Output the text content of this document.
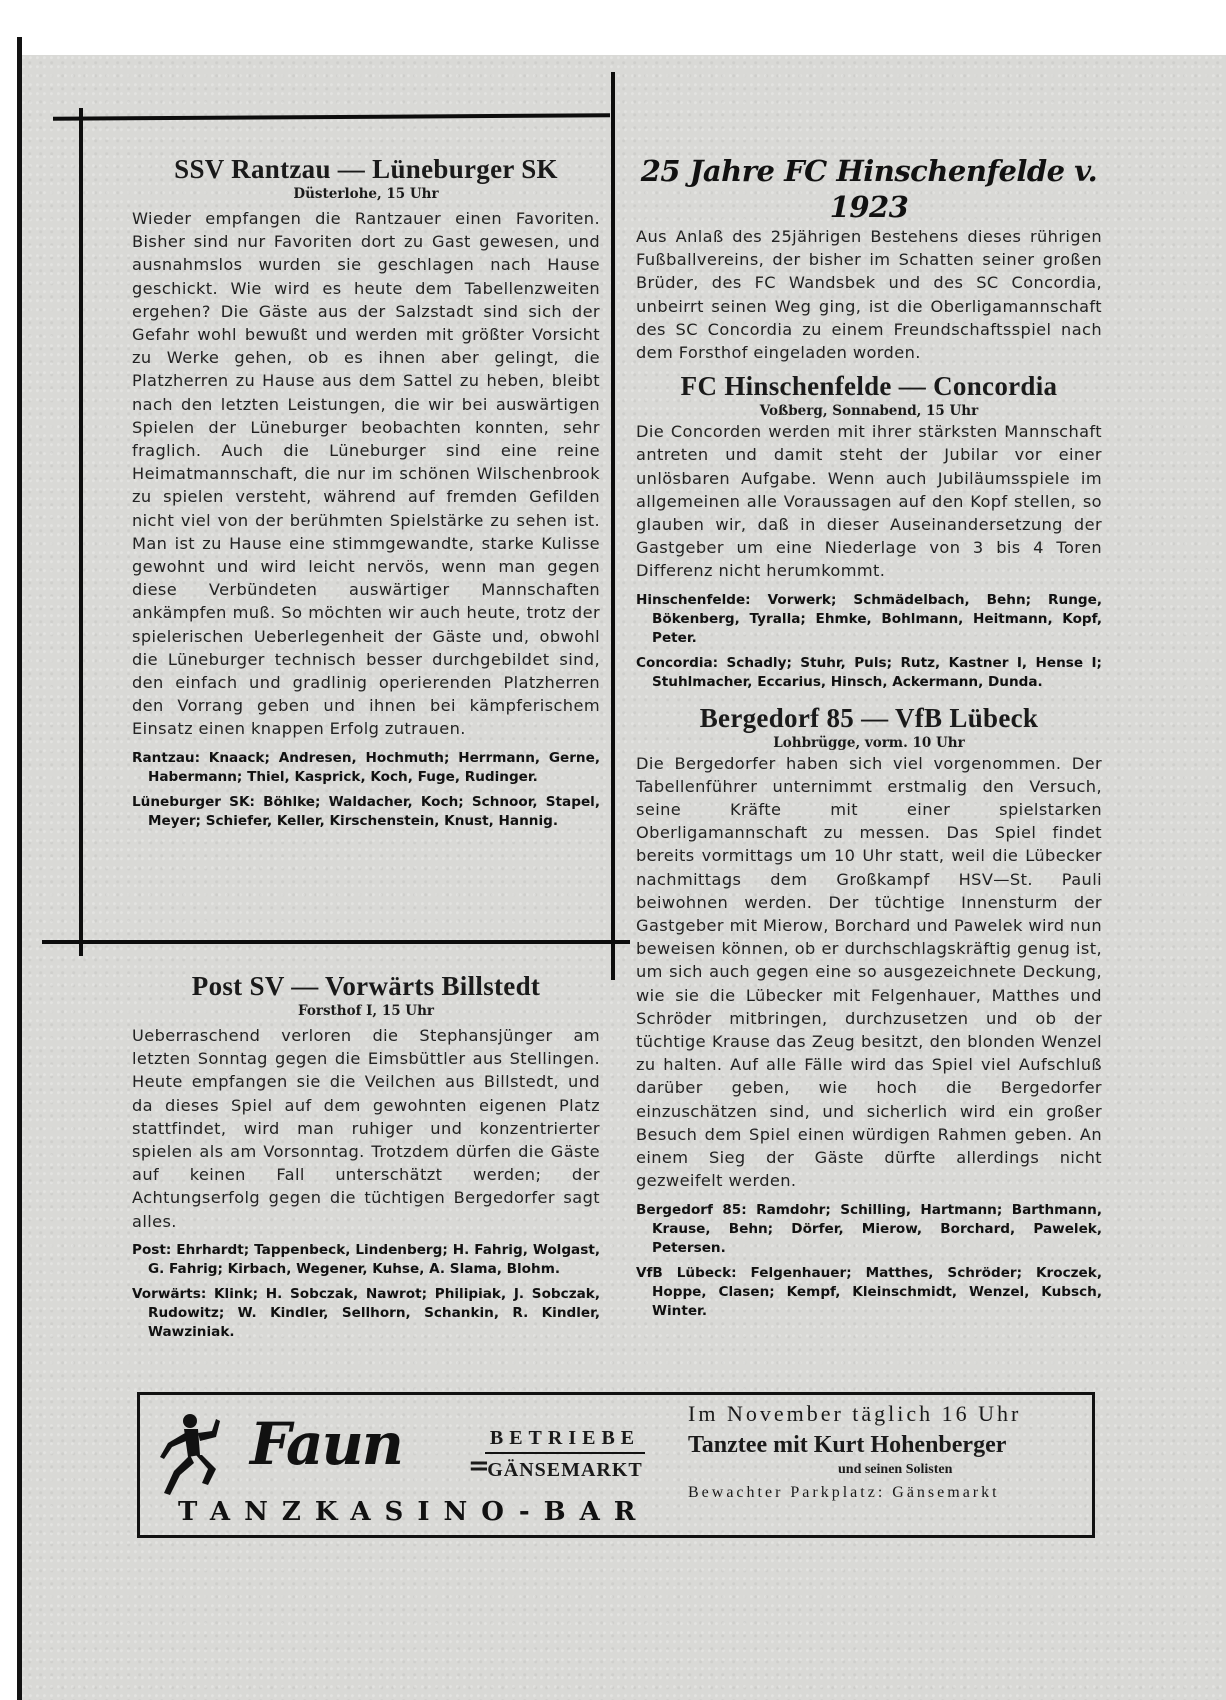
SSV Rantzau — Lüneburger SK
Düsterlohe, 15 Uhr

Wieder empfangen die Rantzauer einen Favoriten. Bisher sind nur Favoriten dort zu Gast gewesen, und ausnahmslos wurden sie geschlagen nach Hause geschickt. Wie wird es heute dem Tabellenzweiten ergehen? Die Gäste aus der Salzstadt sind sich der Gefahr wohl bewußt und werden mit größter Vorsicht zu Werke gehen, ob es ihnen aber gelingt, die Platzherren zu Hause aus dem Sattel zu heben, bleibt nach den letzten Leistungen, die wir bei auswärtigen Spielen der Lüneburger beobachten konnten, sehr fraglich. Auch die Lüneburger sind eine reine Heimatmannschaft, die nur im schönen Wilschenbrook zu spielen versteht, während auf fremden Gefilden nicht viel von der berühmten Spielstärke zu sehen ist. Man ist zu Hause eine stimmgewandte, starke Kulisse gewohnt und wird leicht nervös, wenn man gegen diese Verbündeten auswärtiger Mannschaften ankämpfen muß. So möchten wir auch heute, trotz der spielerischen Ueberlegenheit der Gäste und, obwohl die Lüneburger technisch besser durchgebildet sind, den einfach und gradlinig operierenden Platzherren den Vorrang geben und ihnen bei kämpferischem Einsatz einen knappen Erfolg zutrauen.

Rantzau: Knaack; Andresen, Hochmuth; Herrmann, Gerne, Habermann; Thiel, Kasprick, Koch, Fuge, Rudinger.

Lüneburger SK: Böhlke; Waldacher, Koch; Schnoor, Stapel, Meyer; Schiefer, Keller, Kirschenstein, Knust, Hannig.

Post SV — Vorwärts Billstedt
Forsthof I, 15 Uhr

Ueberraschend verloren die Stephansjünger am letzten Sonntag gegen die Eimsbüttler aus Stellingen. Heute empfangen sie die Veilchen aus Billstedt, und da dieses Spiel auf dem gewohnten eigenen Platz stattfindet, wird man ruhiger und konzentrierter spielen als am Vorsonntag. Trotzdem dürfen die Gäste auf keinen Fall unterschätzt werden; der Achtungserfolg gegen die tüchtigen Bergedorfer sagt alles.

Post: Ehrhardt; Tappenbeck, Lindenberg; H. Fahrig, Wolgast, G. Fahrig; Kirbach, Wegener, Kuhse, A. Slama, Blohm.

Vorwärts: Klink; H. Sobczak, Nawrot; Philipiak, J. Sobczak, Rudowitz; W. Kindler, Sellhorn, Schankin, R. Kindler, Wawziniak.

25 Jahre FC Hinschenfelde v. 1923

Aus Anlaß des 25jährigen Bestehens dieses rührigen Fußballvereins, der bisher im Schatten seiner großen Brüder, des FC Wandsbek und des SC Concordia, unbeirrt seinen Weg ging, ist die Oberligamannschaft des SC Concordia zu einem Freundschaftsspiel nach dem Forsthof eingeladen worden.

FC Hinschenfelde — Concordia
Voßberg, Sonnabend, 15 Uhr

Die Concorden werden mit ihrer stärksten Mannschaft antreten und damit steht der Jubilar vor einer unlösbaren Aufgabe. Wenn auch Jubiläumsspiele im allgemeinen alle Voraussagen auf den Kopf stellen, so glauben wir, daß in dieser Auseinandersetzung der Gastgeber um eine Niederlage von 3 bis 4 Toren Differenz nicht herumkommt.

Hinschenfelde: Vorwerk; Schmädelbach, Behn; Runge, Bökenberg, Tyralla; Ehmke, Bohlmann, Heitmann, Kopf, Peter.

Concordia: Schadly; Stuhr, Puls; Rutz, Kastner I, Hense I; Stuhlmacher, Eccarius, Hinsch, Ackermann, Dunda.

Bergedorf 85 — VfB Lübeck
Lohbrügge, vorm. 10 Uhr

Die Bergedorfer haben sich viel vorgenommen. Der Tabellenführer unternimmt erstmalig den Versuch, seine Kräfte mit einer spielstarken Oberligamannschaft zu messen. Das Spiel findet bereits vormittags um 10 Uhr statt, weil die Lübecker nachmittags dem Großkampf HSV—St. Pauli beiwohnen werden. Der tüchtige Innensturm der Gastgeber mit Mierow, Borchard und Pawelek wird nun beweisen können, ob er durchschlagskräftig genug ist, um sich auch gegen eine so ausgezeichnete Deckung, wie sie die Lübecker mit Felgenhauer, Matthes und Schröder mitbringen, durchzusetzen und ob der tüchtige Krause das Zeug besitzt, den blonden Wenzel zu halten. Auf alle Fälle wird das Spiel viel Aufschluß darüber geben, wie hoch die Bergedorfer einzuschätzen sind, und sicherlich wird ein großer Besuch dem Spiel einen würdigen Rahmen geben. An einem Sieg der Gäste dürfte allerdings nicht gezweifelt werden.

Bergedorf 85: Ramdohr; Schilling, Hartmann; Barthmann, Krause, Behn; Dörfer, Mierow, Borchard, Pawelek, Petersen.

VfB Lübeck: Felgenhauer; Matthes, Schröder; Kroczek, Hoppe, Clasen; Kempf, Kleinschmidt, Wenzel, Kubsch, Winter.

Faun	=
BETRIEBE
GÄNSEMARKT
TANZKASINO-BAR
Im November täglich 16 Uhr
Tanztee mit Kurt Hohenberger
und seinen Solisten
Bewachter Parkplatz: Gänsemarkt
